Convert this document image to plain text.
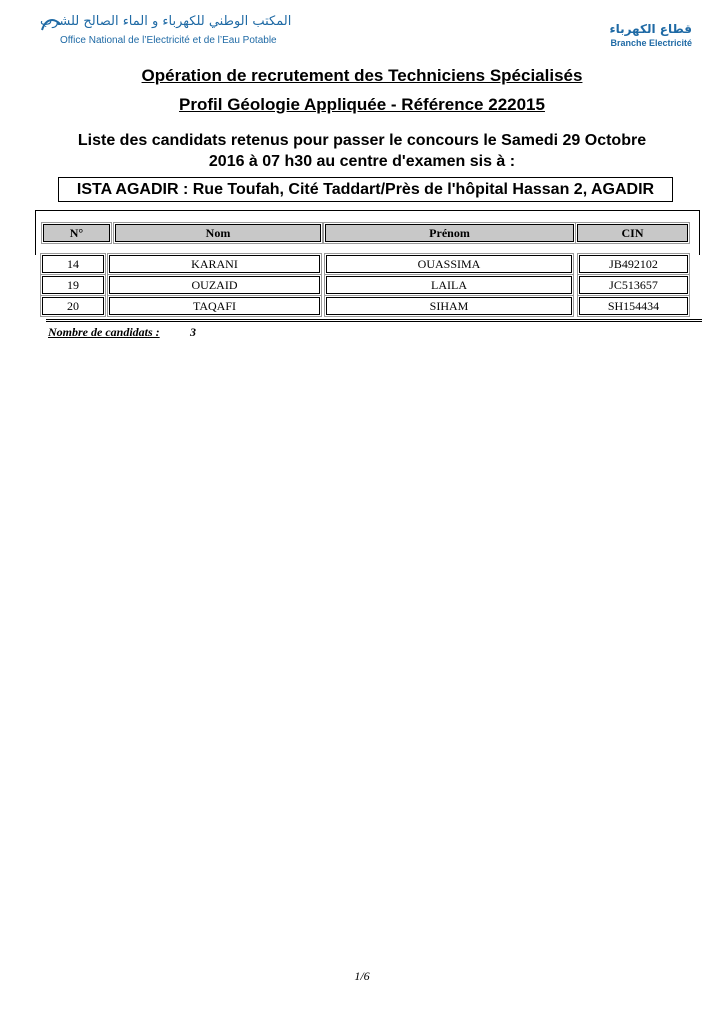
المكتب الوطني للكهرباء و الماء الصالح للشرب
Office National de l’Electricité et de l’Eau Potable
قطاع الكهرباء
Branche Electricité
Opération de recrutement des Techniciens Spécialisés
Profil Géologie Appliquée - Référence 222015
Liste des candidats retenus pour passer le concours le Samedi 29 Octobre
2016 à 07 h30 au centre d'examen sis à :
ISTA AGADIR : Rue Toufah, Cité Taddart/Près de l'hôpital Hassan 2, AGADIR
N°	Nom	Prénom	CIN
14	KARANI	OUASSIMA	JB492102
19	OUZAID	LAILA	JC513657
20	TAQAFI	SIHAM	SH154434
Nombre de candidats :	3
1/6
